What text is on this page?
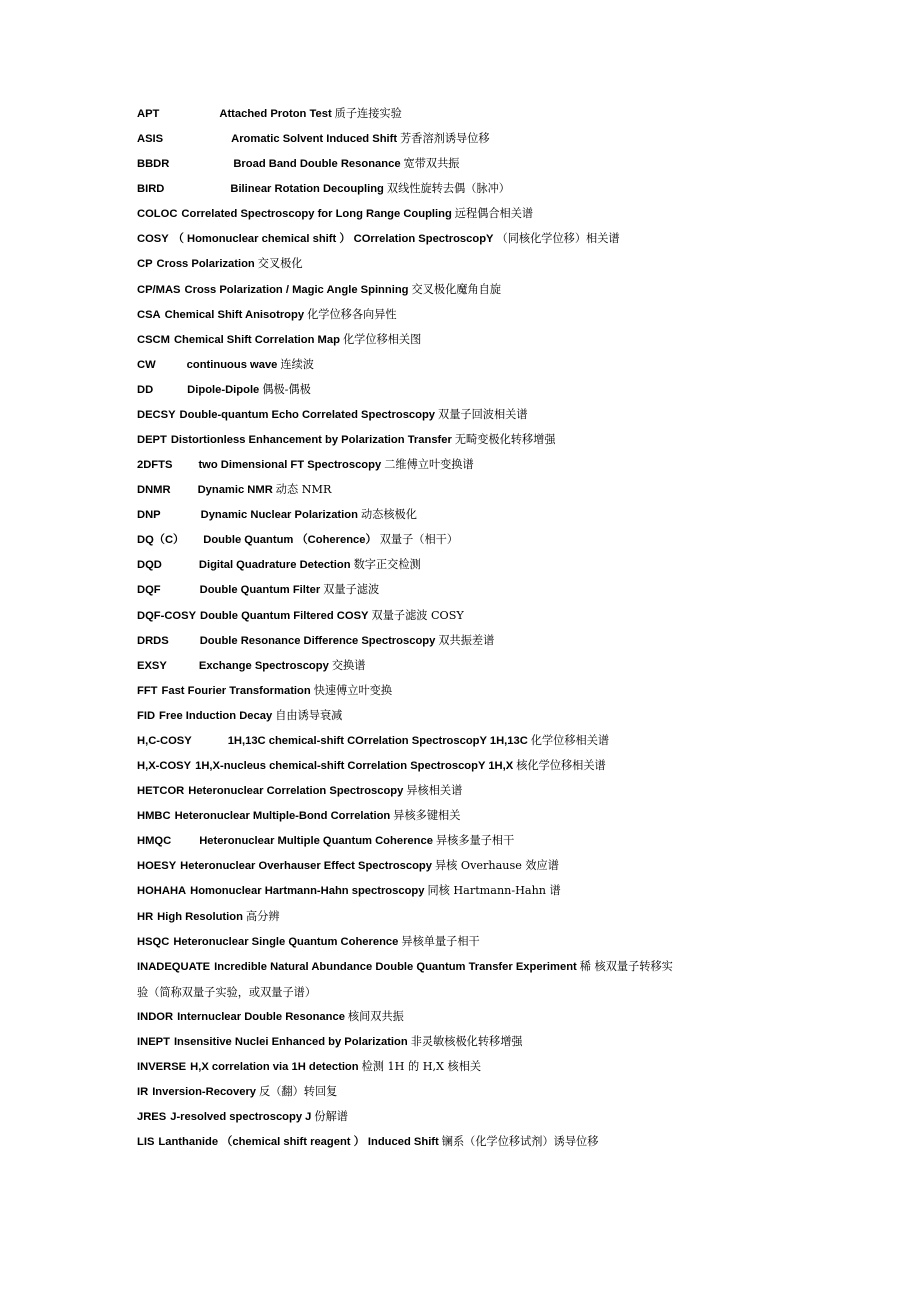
APT	Attached Proton Test 质子连接实验
ASIS	Aromatic Solvent Induced Shift 芳香溶剂诱导位移
BBDR	Broad Band Double Resonance 宽带双共振
BIRD	Bilinear Rotation Decoupling 双线性旋转去偶（脉冲）
COLOC Correlated Spectroscopy for Long Range Coupling 远程偶合相关谱
COSY （ Homonuclear chemical shift ） COrrelation SpectroscopY （同核化学位移）相关谱
CP Cross Polarization 交叉极化
CP/MAS Cross Polarization / Magic Angle Spinning 交叉极化魔角自旋
CSA Chemical Shift Anisotropy 化学位移各向异性
CSCM Chemical Shift Correlation Map 化学位移相关图
CW	continuous wave 连续波
DD	Dipole-Dipole 偶极-偶极
DECSY Double-quantum Echo Correlated Spectroscopy 双量子回波相关谱
DEPT Distortionless Enhancement by Polarization Transfer 无畸变极化转移增强
2DFTS two Dimensional FT Spectroscopy 二维傅立叶变换谱
DNMR Dynamic NMR 动态 NMR
DNP	Dynamic Nuclear Polarization 动态核极化
DQ（C） Double Quantum （Coherence） 双量子（相干）
DQD	Digital Quadrature Detection 数字正交检测
DQF	Double Quantum Filter 双量子滤波
DQF-COSY Double Quantum Filtered COSY 双量子滤波 COSY
DRDS	Double Resonance Difference Spectroscopy 双共振差谱
EXSY	Exchange Spectroscopy 交换谱
FFT Fast Fourier Transformation 快速傅立叶变换
FID Free Induction Decay 自由诱导衰减
H,C-COSY	1H,13C chemical-shift COrrelation SpectroscopY 1H,13C 化学位移相关谱
H,X-COSY 1H,X-nucleus chemical-shift Correlation SpectroscopY 1H,X 核化学位移相关谱
HETCOR Heteronuclear Correlation Spectroscopy 异核相关谱
HMBC Heteronuclear Multiple-Bond Correlation 异核多键相关
HMQC	Heteronuclear Multiple Quantum Coherence 异核多量子相干
HOESY Heteronuclear Overhauser Effect Spectroscopy 异核 Overhause 效应谱
HOHAHA Homonuclear Hartmann-Hahn spectroscopy 同核 Hartmann-Hahn 谱
HR High Resolution 高分辨
HSQC Heteronuclear Single Quantum Coherence 异核单量子相干
INADEQUATE Incredible Natural Abundance Double Quantum Transfer Experiment 稀 核双量子转移实
验（简称双量子实验，或双量子谱）
INDOR Internuclear Double Resonance 核间双共振
INEPT Insensitive Nuclei Enhanced by Polarization 非灵敏核极化转移增强
INVERSE H,X correlation via 1H detection 检测 1H 的 H,X 核相关
IR Inversion-Recovery 反（翻）转回复
JRES J-resolved spectroscopy J 份解谱
LIS Lanthanide （chemical shift reagent ） Induced Shift 镧系（化学位移试剂）诱导位移
